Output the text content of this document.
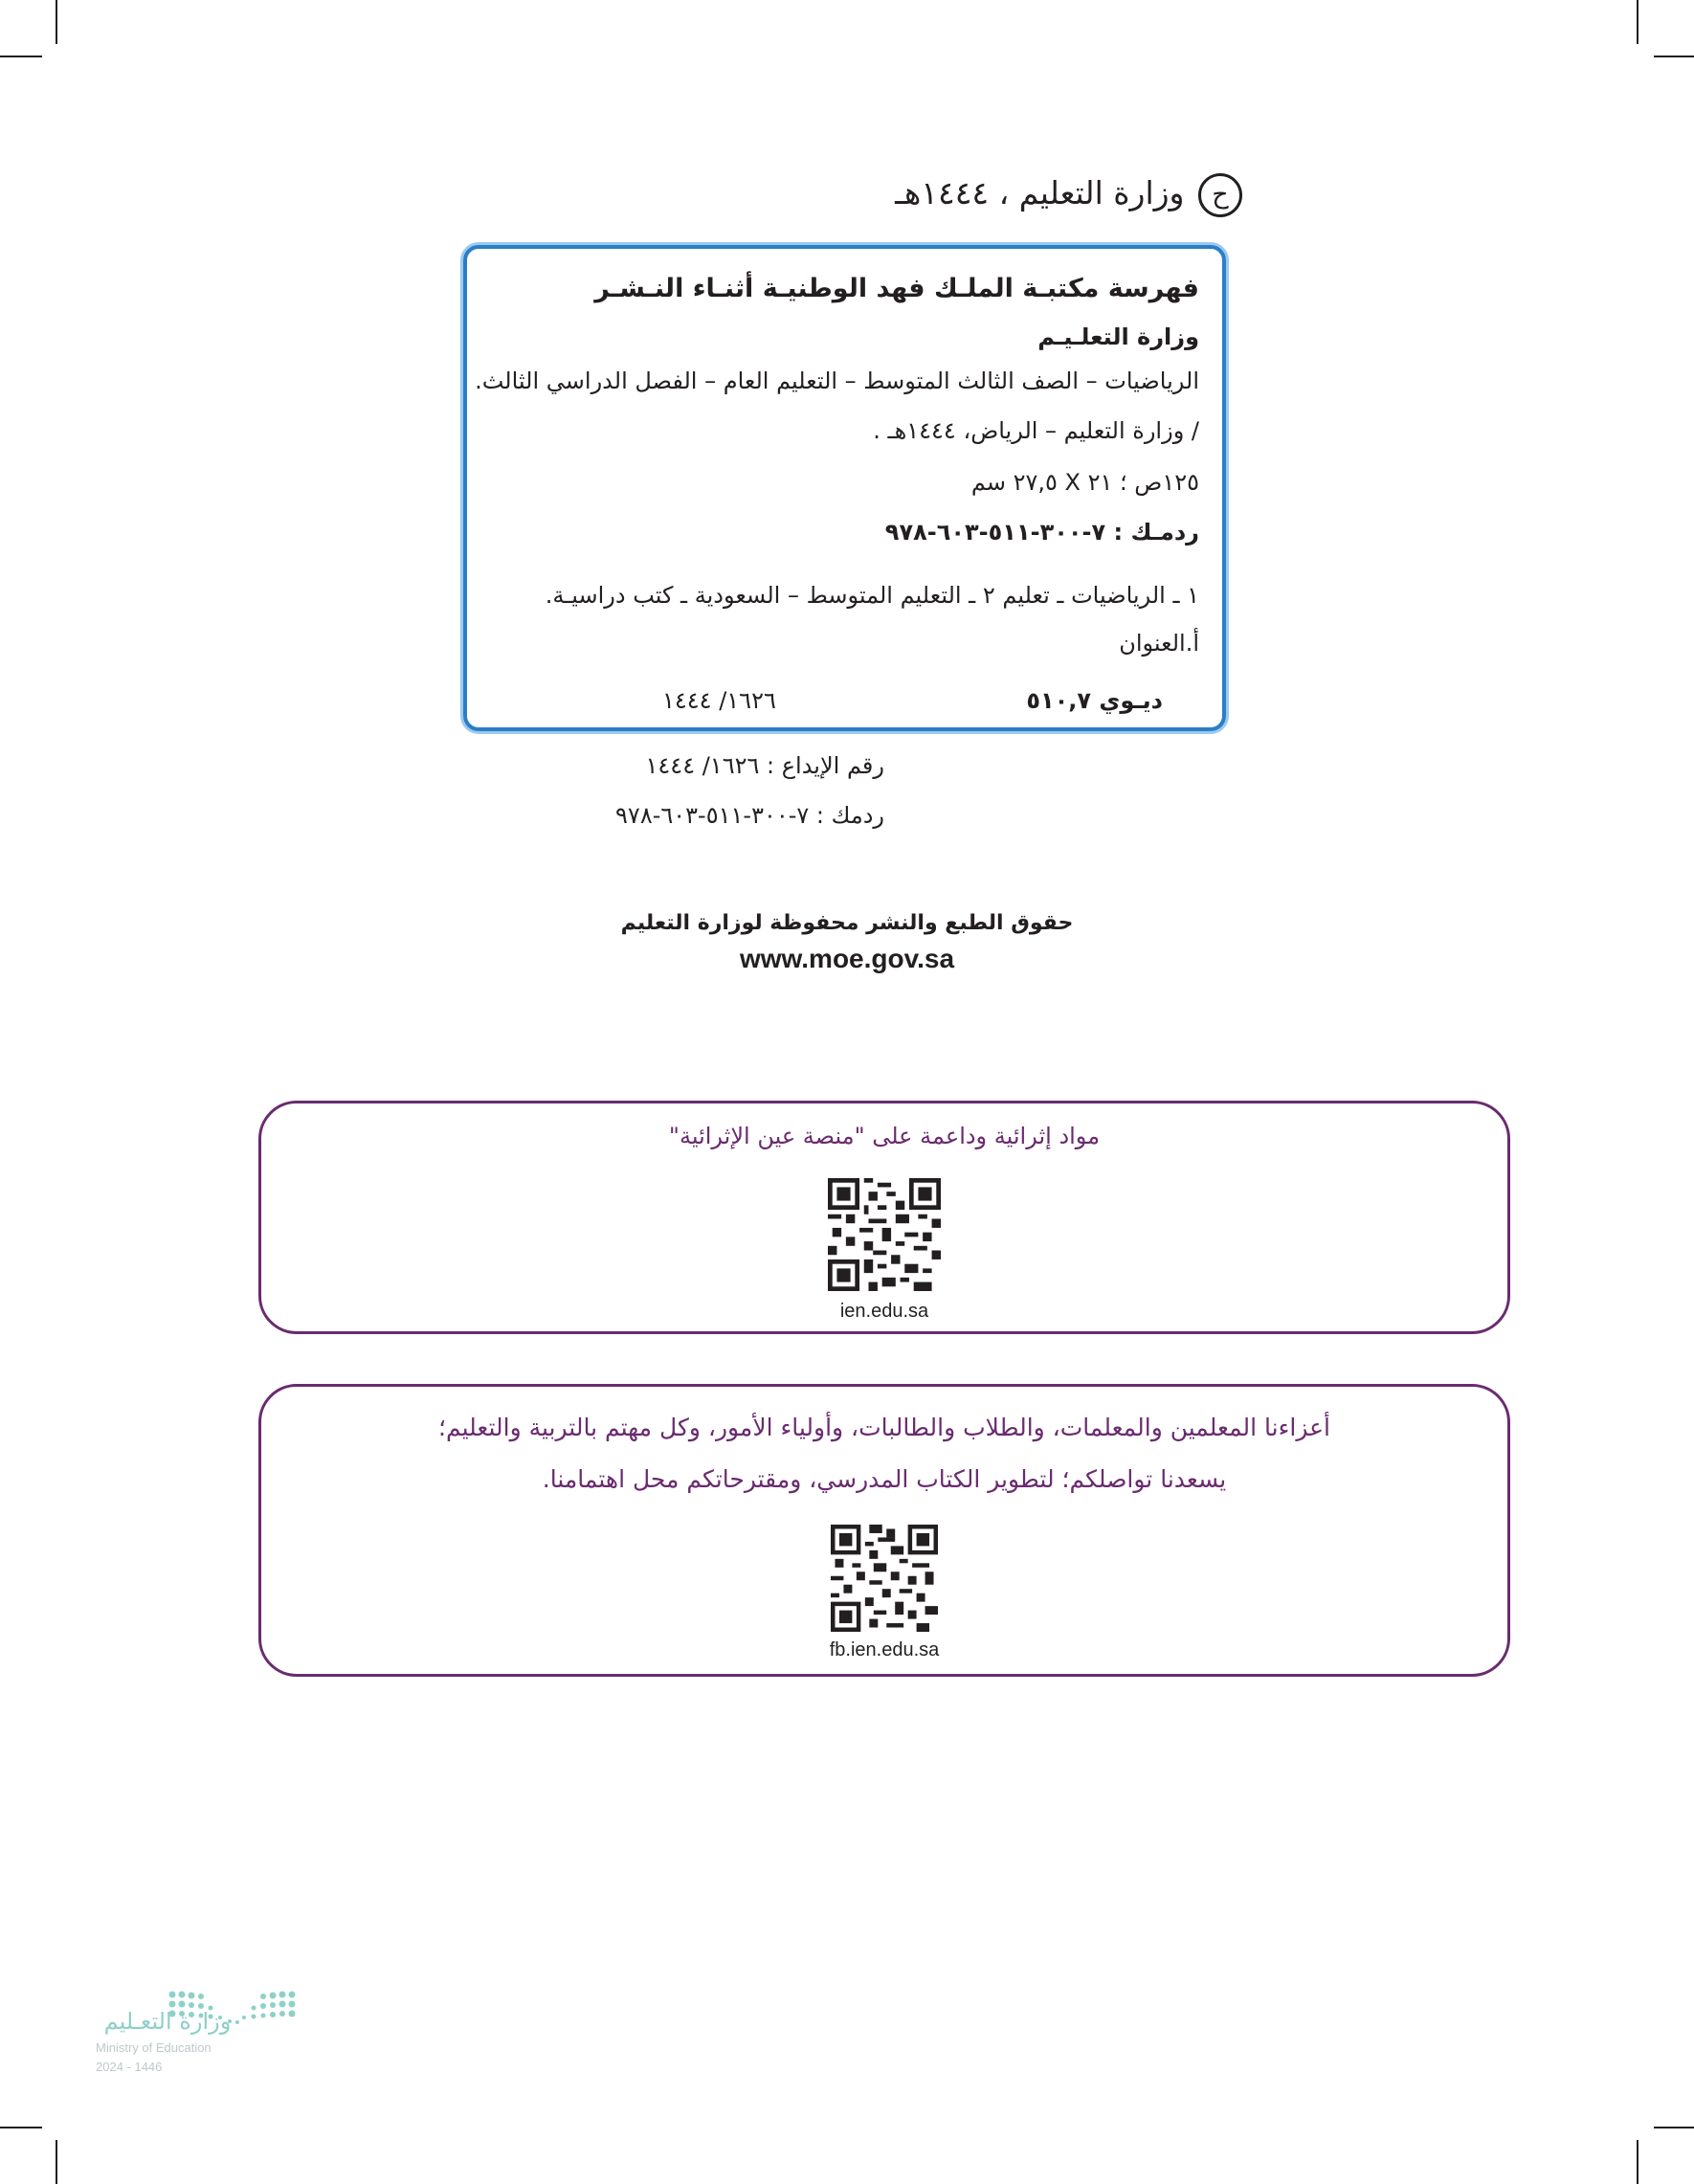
ح وزارة التعليم ، ١٤٤٤هـ
فهرسة مكتبـة الملـك فهد الوطنيـة أثنـاء النـشـر
وزارة التعلـيـم
الرياضيات – الصف الثالث المتوسط – التعليم العام – الفصل الدراسي الثالث.
/ وزارة التعليم – الرياض، ١٤٤٤هـ .
١٢٥ص ؛ ٢١ X ٢٧,٥ سم
ردمـك : ٧-٣٠٠-٥١١-٦٠٣-٩٧٨
١ ـ الرياضيات ـ تعليم ٢ ـ التعليم المتوسط – السعودية ـ كتب دراسيـة.
أ.العنوان
ديـوي ٥١٠,٧
١٦٢٦/ ١٤٤٤
رقم الإيداع : ١٦٢٦/ ١٤٤٤
ردمك : ٧-٣٠٠-٥١١-٦٠٣-٩٧٨
حقوق الطبع والنشر محفوظة لوزارة التعليم
www.moe.gov.sa
مواد إثرائية وداعمة على "منصة عين الإثرائية"
ien.edu.sa
أعزاءنا المعلمين والمعلمات، والطلاب والطالبات، وأولياء الأمور، وكل مهتم بالتربية والتعليم؛
يسعدنا تواصلكم؛ لتطوير الكتاب المدرسي، ومقترحاتكم محل اهتمامنا.
fb.ien.edu.sa
وزارة التعـليم
Ministry of Education
2024 - 1446
